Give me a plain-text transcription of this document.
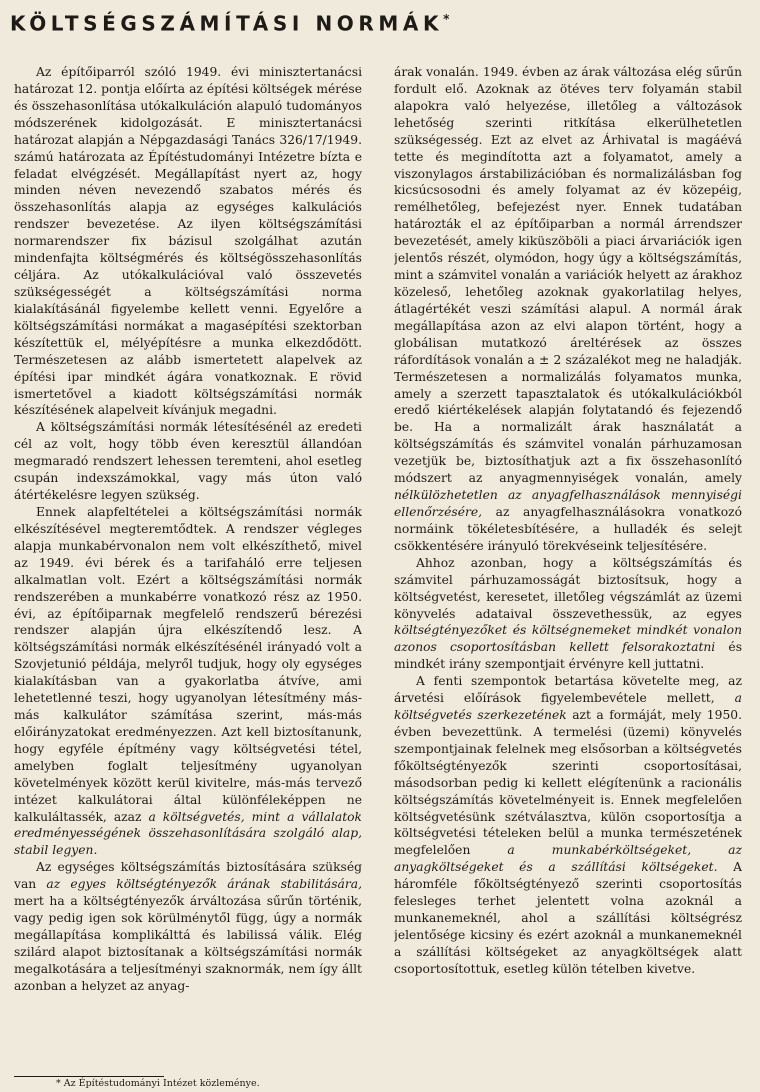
KÖLTSÉGSZÁMÍTÁSI NORMÁK*

Az építőiparról szóló 1949. évi minisztertanácsi határozat 12. pontja előírta az építési költségek mérése és összehasonlítása utókalkuláción alapuló tudományos módszerének kidolgozását. E minisztertanácsi határozat alapján a Népgazdasági Tanács 326/17/1949. számú határozata az Építéstudományi Intézetre bízta e feladat elvégzését. Megállapítást nyert az, hogy minden néven nevezendő szabatos mérés és összehasonlítás alapja az egységes kalkulációs rendszer bevezetése. Az ilyen költségszámítási normarendszer fix bázisul szolgálhat azután mindenfajta költségmérés és költségösszehasonlítás céljára. Az utókalkulációval való összevetés szükségességét a költségszámítási norma kialakításánál figyelembe kellett venni. Egyelőre a költségszámítási normákat a magasépítési szektorban készítettük el, mélyépítésre a munka elkezdődött. Természetesen az alább ismertetett alapelvek az építési ipar mindkét ágára vonatkoznak. E rövid ismertetővel a kiadott költségszámítási normák készítésének alapelveit kívánjuk megadni.

A költségszámítási normák létesítésénél az eredeti cél az volt, hogy több éven keresztül állandóan megmaradó rendszert lehessen teremteni, ahol esetleg csupán indexszámokkal, vagy más úton való átértékelésre legyen szükség.

Ennek alapfeltételei a költségszámítási normák elkészítésével megteremtődtek. A rendszer végleges alapja munkabérvonalon nem volt elkészíthető, mivel az 1949. évi bérek és a tarifaháló erre teljesen alkalmatlan volt. Ezért a költségszámítási normák rendszerében a munkabérre vonatkozó rész az 1950. évi, az építőiparnak megfelelő rendszerű bérezési rendszer alapján újra elkészítendő lesz. A költségszámítási normák elkészítésénél irányadó volt a Szovjetunió példája, melyről tudjuk, hogy oly egységes kialakításban van a gyakorlatba átvíve, ami lehetetlenné teszi, hogy ugyanolyan létesítmény más-más kalkulátor számítása szerint, más-más előirányzatokat eredményezzen. Azt kell biztosítanunk, hogy egyféle építmény vagy költségvetési tétel, amelyben foglalt teljesítmény ugyanolyan követelmények között kerül kivitelre, más-más tervező intézet kalkulátorai által különféleképpen ne kalkuláltassék, azaz a költségvetés, mint a vállalatok eredményességének összehasonlítására szolgáló alap, stabil legyen.

Az egységes költségszámítás biztosítására szükség van az egyes költségtényezők árának stabilitására, mert ha a költségtényezők árváltozása sűrűn történik, vagy pedig igen sok körülménytől függ, úgy a normák megállapítása komplikálttá és labilissá válik. Elég szilárd alapot biztosítanak a költségszámítási normák megalkotására a teljesítményi szaknormák, nem így állt azonban a helyzet az anyag-

árak vonalán. 1949. évben az árak változása elég sűrűn fordult elő. Azoknak az ötéves terv folyamán stabil alapokra való helyezése, illetőleg a változások lehetőség szerinti ritkítása elkerülhetetlen szükségesség. Ezt az elvet az Árhivatal is magáévá tette és megindította azt a folyamatot, amely a viszonylagos árstabilizációban és normalizálásban fog kicsúcsosodni és amely folyamat az év közepéig, remélhetőleg, befejezést nyer. Ennek tudatában határozták el az építőiparban a normál árrendszer bevezetését, amely kiküszöböli a piaci árvariációk igen jelentős részét, olymódon, hogy úgy a költségszámítás, mint a számvitel vonalán a variációk helyett az árakhoz közeleső, lehetőleg azoknak gyakorlatilag helyes, átlagértékét veszi számítási alapul. A normál árak megállapítása azon az elvi alapon történt, hogy a globálisan mutatkozó áreltérések az összes ráfordítások vonalán a ± 2 százalékot meg ne haladják. Természetesen a normalizálás folyamatos munka, amely a szerzett tapasztalatok és utókalkulációkból eredő kiértékelések alapján folytatandó és fejezendő be. Ha a normalizált árak használatát a költségszámítás és számvitel vonalán párhuzamosan vezetjük be, biztosíthatjuk azt a fix összehasonlító módszert az anyagmennyiségek vonalán, amely nélkülözhetetlen az anyagfelhasználások mennyiségi ellenőrzésére, az anyagfelhasználásokra vonatkozó normáink tökéletesbítésére, a hulladék és selejt csökkentésére irányuló törekvéseink teljesítésére.

Ahhoz azonban, hogy a költségszámítás és számvitel párhuzamosságát biztosítsuk, hogy a költségvetést, keresetet, illetőleg végszámlát az üzemi könyvelés adataival összevethessük, az egyes költségtényezőket és költségnemeket mindkét vonalon azonos csoportosításban kellett felsorakoztatni és mindkét irány szempontjait érvényre kell juttatni.

A fenti szempontok betartása követelte meg, az árvetési előírások figyelembevétele mellett, a költségvetés szerkezetének azt a formáját, mely 1950. évben bevezettünk. A termelési (üzemi) könyvelés szempontjainak felelnek meg elsősorban a költségvetés főköltségtényezők szerinti csoportosításai, másodsorban pedig ki kellett elégítenünk a racionális költségszámítás követelményeit is. Ennek megfelelően költségvetésünk szétválasztva, külön csoportosítja a költségvetési tételeken belül a munka természetének megfelelően a munkabérköltségeket, az anyagköltségeket és a szállítási költségeket. A háromféle főköltségtényező szerinti csoportosítás felesleges terhet jelentett volna azoknál a munkanemeknél, ahol a szállítási költségrész jelentősége kicsiny és ezért azoknál a munkanemeknél a szállítási költségeket az anyagköltségek alatt csoportosítottuk, esetleg külön tételben kivetve.

* Az Építéstudományi Intézet közleménye.
